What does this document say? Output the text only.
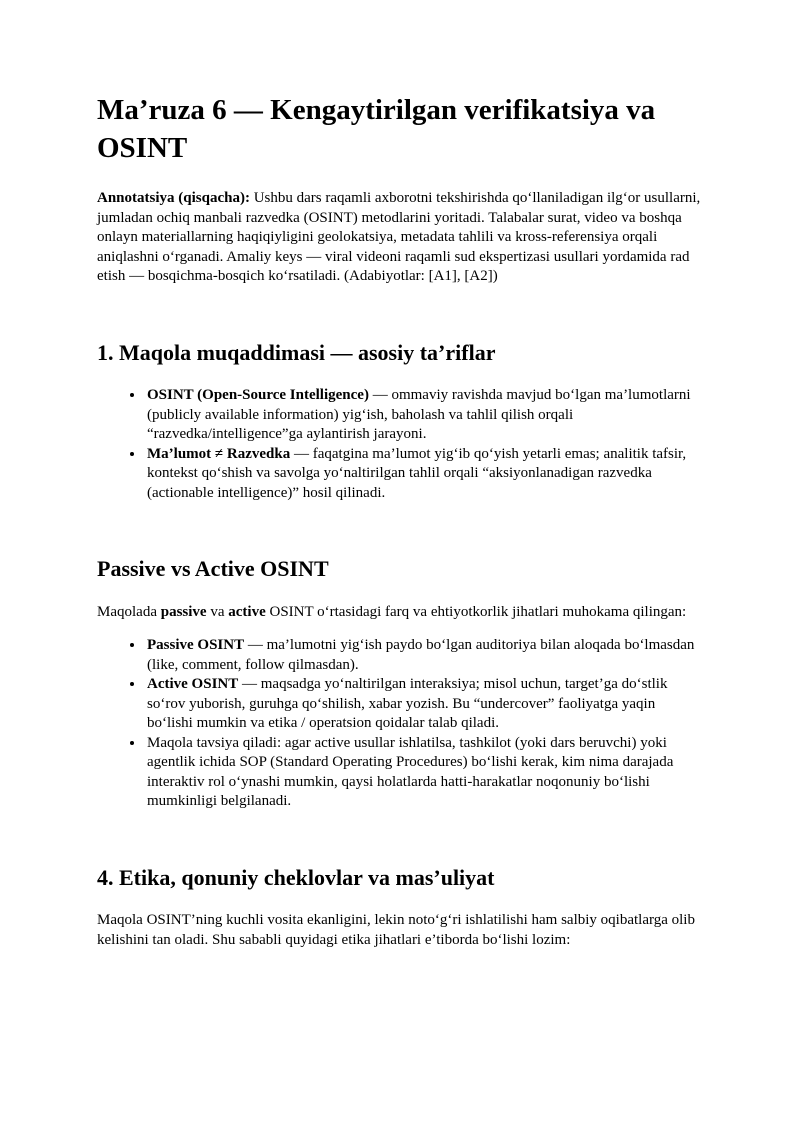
Ma’ruza 6 — Kengaytirilgan verifikatsiya va OSINT

Annotatsiya (qisqacha): Ushbu dars raqamli axborotni tekshirishda qoʻllaniladigan ilgʻor usullarni, jumladan ochiq manbali razvedka (OSINT) metodlarini yoritadi. Talabalar surat, video va boshqa onlayn materiallarning haqiqiyligini geolokatsiya, metadata tahlili va kross-referensiya orqali aniqlashni oʻrganadi. Amaliy keys — viral videoni raqamli sud ekspertizasi usullari yordamida rad etish — bosqichma-bosqich koʻrsatiladi. (Adabiyotlar: [A1], [A2])

1. Maqola muqaddimasi — asosiy ta’riflar
• OSINT (Open-Source Intelligence) — ommaviy ravishda mavjud boʻlgan ma’lumotlarni (publicly available information) yigʻish, baholash va tahlil qilish orqali “razvedka/intelligence”ga aylantirish jarayoni.
• Ma’lumot ≠ Razvedka — faqatgina ma’lumot yigʻib qoʻyish yetarli emas; analitik tafsir, kontekst qoʻshish va savolga yoʻnaltirilgan tahlil orqali “aksiyonlanadigan razvedka (actionable intelligence)” hosil qilinadi.
Passive vs Active OSINT

Maqolada passive va active OSINT oʻrtasidagi farq va ehtiyotkorlik jihatlari muhokama qilingan:

• Passive OSINT — ma’lumotni yigʻish paydo boʻlgan auditoriya bilan aloqada boʻlmasdan (like, comment, follow qilmasdan).
• Active OSINT — maqsadga yoʻnaltirilgan interaksiya; misol uchun, target’ga doʻstlik soʻrov yuborish, guruhga qoʻshilish, xabar yozish. Bu “undercover” faoliyatga yaqin boʻlishi mumkin va etika / operatsion qoidalar talab qiladi.
• Maqola tavsiya qiladi: agar active usullar ishlatilsa, tashkilot (yoki dars beruvchi) yoki agentlik ichida SOP (Standard Operating Procedures) boʻlishi kerak, kim nima darajada interaktiv rol oʻynashi mumkin, qaysi holatlarda hatti-harakatlar noqonuniy boʻlishi mumkinligi belgilanadi.
4. Etika, qonuniy cheklovlar va mas’uliyat

Maqola OSINT’ning kuchli vosita ekanligini, lekin notoʻgʻri ishlatilishi ham salbiy oqibatlarga olib kelishini tan oladi. Shu sababli quyidagi etika jihatlari e’tiborda boʻlishi lozim:
